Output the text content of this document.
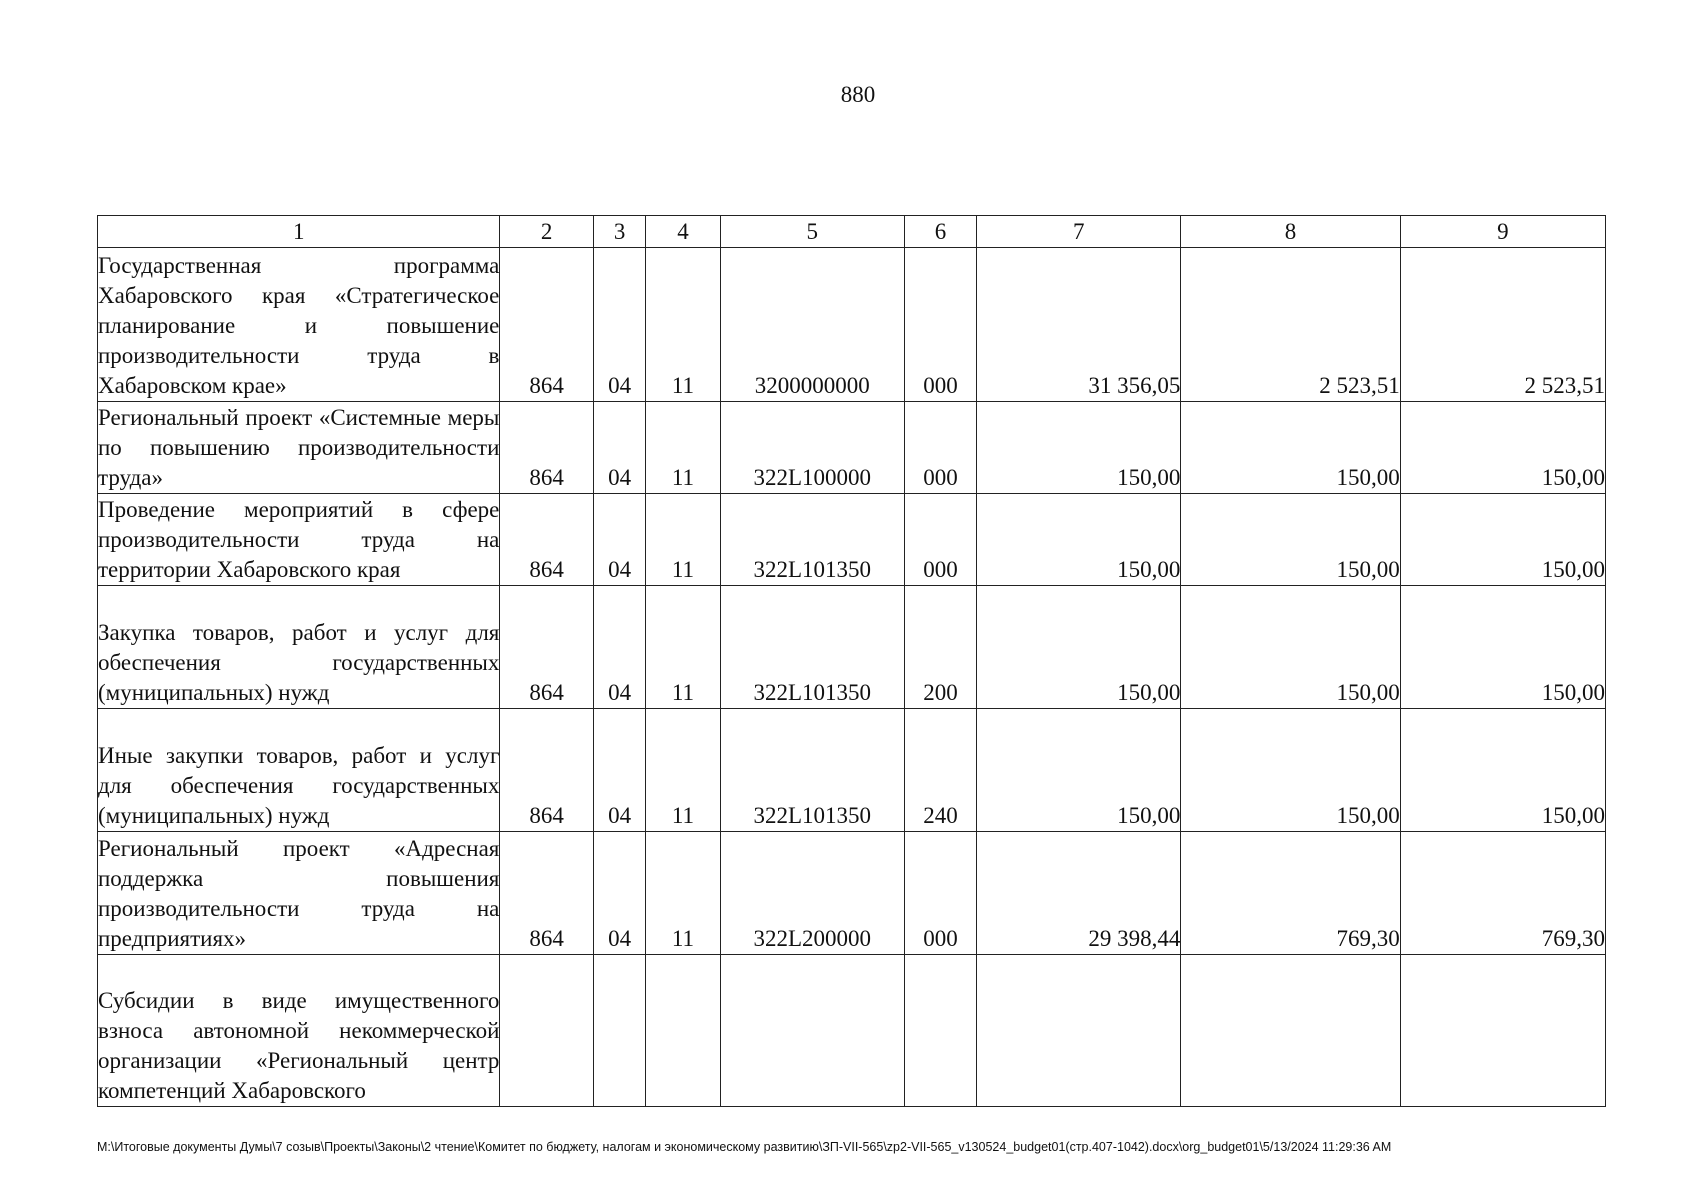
880
1	2	3	4	5	6	7	8	9
Государственная программа Хабаровского края «Стратегическое планирование и повышение производительности труда в Хабаровском крае»	864	04	11	3200000000	000	31 356,05	2 523,51	2 523,51
Региональный проект «Системные меры по повышению производительности труда»	864	04	11	322L100000	000	150,00	150,00	150,00
Проведение мероприятий в сфере производительности труда на территории Хабаровского края	864	04	11	322L101350	000	150,00	150,00	150,00
Закупка товаров, работ и услуг для обеспечения государственных (муниципальных) нужд	864	04	11	322L101350	200	150,00	150,00	150,00
Иные закупки товаров, работ и услуг для обеспечения государственных (муниципальных) нужд	864	04	11	322L101350	240	150,00	150,00	150,00
Региональный проект «Адресная поддержка повышения производительности труда на предприятиях»	864	04	11	322L200000	000	29 398,44	769,30	769,30
Субсидии в виде имущественного взноса автономной некоммерческой организации «Региональный центр компетенций Хабаровского								
M:\Итоговые документы Думы\7 созыв\Проекты\Законы\2 чтение\Комитет по бюджету, налогам и экономическому развитию\ЗП-VII-565\zp2-VII-565_v130524_budget01(стр.407-1042).docx\org_budget01\5/13/2024 11:29:36 AM
